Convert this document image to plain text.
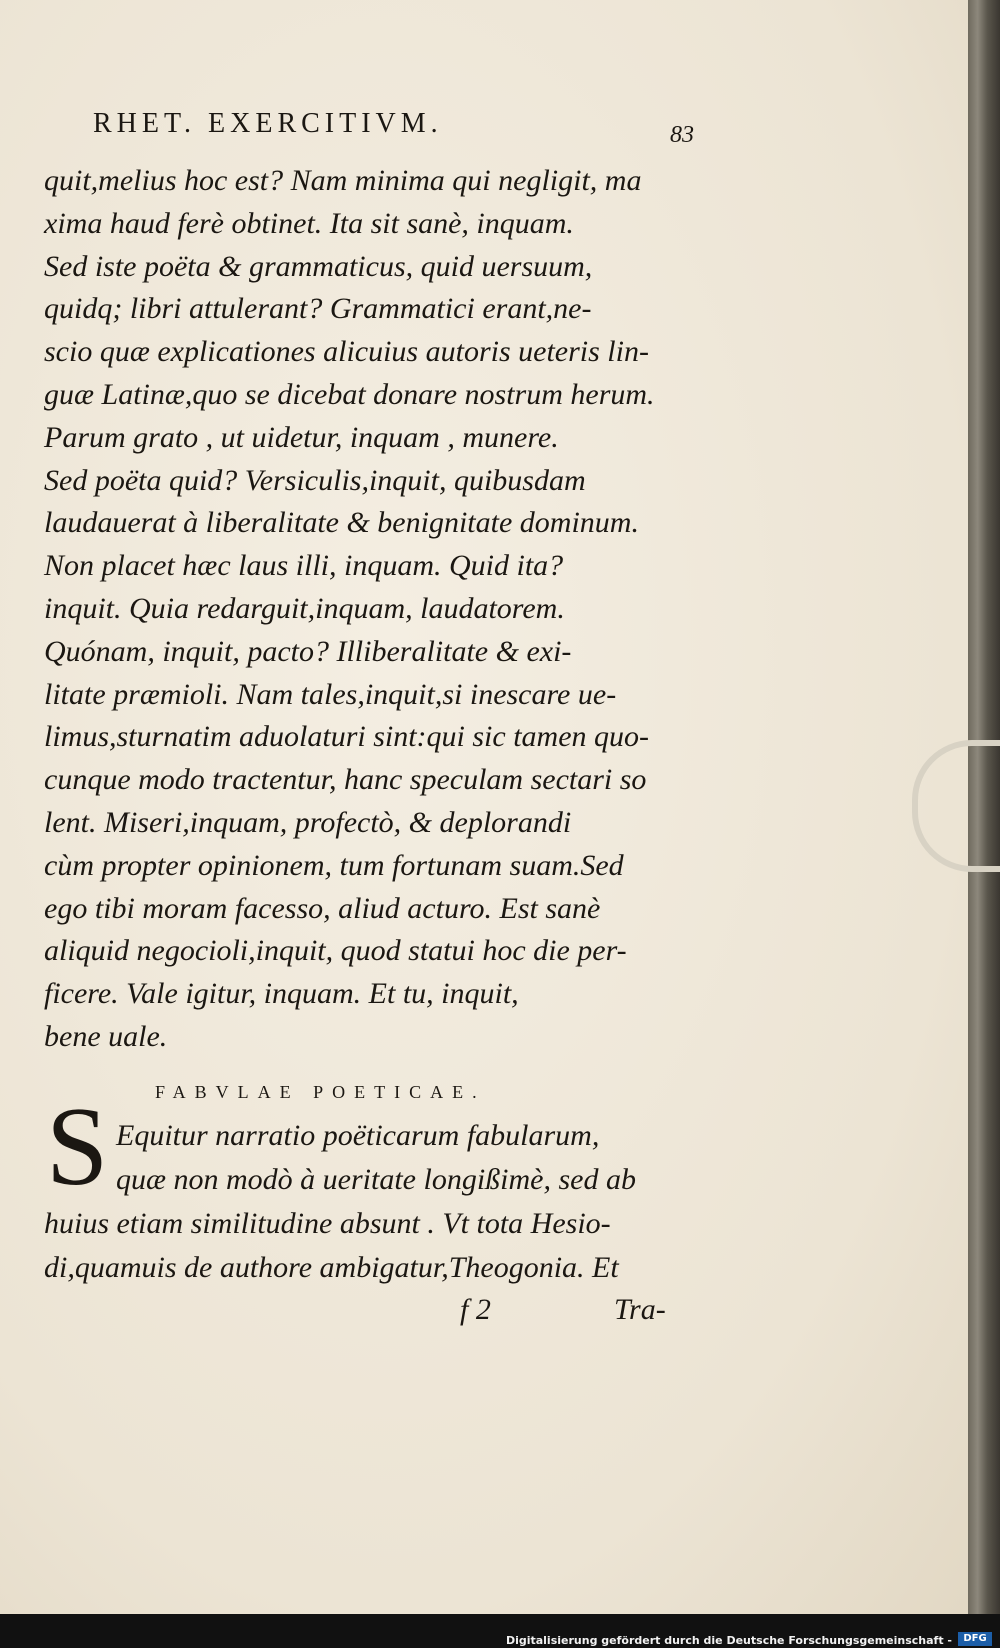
RHET. EXERCITIVM.	83
quit,melius hoc est? Nam minima qui negligit, ma
xima haud ferè obtinet. Ita sit sanè, inquam.
Sed iste poëta & grammaticus, quid uersuum,
quidq; libri attulerant? Grammatici erant,ne-
scio quæ explicationes alicuius autoris ueteris lin-
guæ Latinæ,quo se dicebat donare nostrum herum.
Parum grato , ut uidetur, inquam , munere.
Sed poëta quid? Versiculis,inquit, quibusdam
laudauerat à liberalitate & benignitate dominum.
Non placet hæc laus illi, inquam. Quid ita?
inquit. Quia redarguit,inquam, laudatorem.
Quónam, inquit, pacto? Illiberalitate & exi-
litate præmioli. Nam tales,inquit,si inescare ue-
limus,sturnatim aduolaturi sint:qui sic tamen quo-
cunque modo tractentur, hanc speculam sectari so
lent. Miseri,inquam, profectò, & deplorandi
cùm propter opinionem, tum fortunam suam.Sed
ego tibi moram facesso, aliud acturo. Est sanè
aliquid negocioli,inquit, quod statui hoc die per-
ficere. Vale igitur, inquam. Et tu, inquit,
bene uale.
FABVLAE POETICAE.
S Equitur narratio poëticarum fabularum,
quæ non modò à ueritate longißimè, sed ab
huius etiam similitudine absunt . Vt tota Hesio-
di,quamuis de authore ambigatur,Theogonia. Et
f 2	Tra-
Digitalisierung gefördert durch die Deutsche Forschungsgemeinschaft -	DFG
